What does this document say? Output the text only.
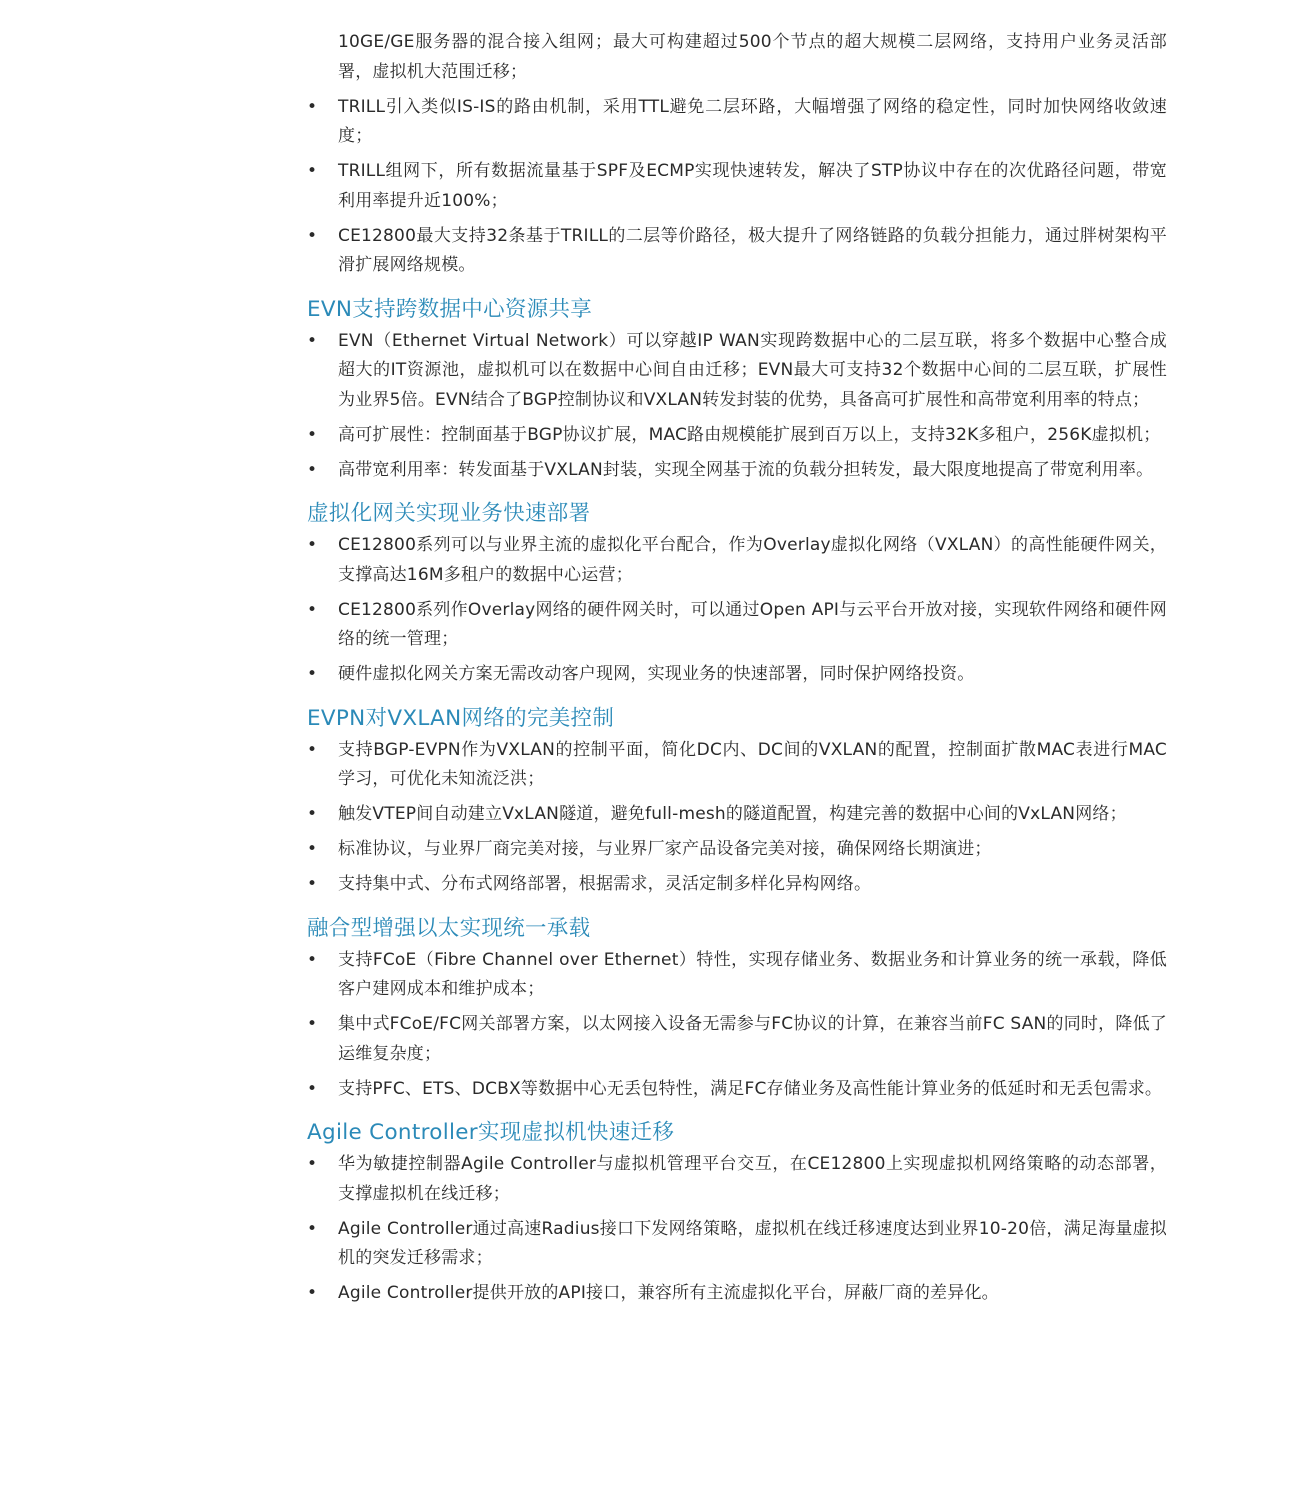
10GE/GE服务器的混合接入组网；最大可构建超过500个节点的超大规模二层网络，支持用户业务灵活部署，虚拟机大范围迁移；
• TRILL引入类似IS-IS的路由机制，采用TTL避免二层环路，大幅增强了网络的稳定性，同时加快网络收敛速度；
• TRILL组网下，所有数据流量基于SPF及ECMP实现快速转发，解决了STP协议中存在的次优路径问题，带宽利用率提升近100%；
• CE12800最大支持32条基于TRILL的二层等价路径，极大提升了网络链路的负载分担能力，通过胖树架构平滑扩展网络规模。
EVN支持跨数据中心资源共享
• EVN（Ethernet Virtual Network）可以穿越IP WAN实现跨数据中心的二层互联，将多个数据中心整合成超大的IT资源池，虚拟机可以在数据中心间自由迁移；EVN最大可支持32个数据中心间的二层互联，扩展性为业界5倍。EVN结合了BGP控制协议和VXLAN转发封装的优势，具备高可扩展性和高带宽利用率的特点；
• 高可扩展性：控制面基于BGP协议扩展，MAC路由规模能扩展到百万以上，支持32K多租户，256K虚拟机；
• 高带宽利用率：转发面基于VXLAN封装，实现全网基于流的负载分担转发，最大限度地提高了带宽利用率。
虚拟化网关实现业务快速部署
• CE12800系列可以与业界主流的虚拟化平台配合，作为Overlay虚拟化网络（VXLAN）的高性能硬件网关，支撑高达16M多租户的数据中心运营；
• CE12800系列作Overlay网络的硬件网关时，可以通过Open API与云平台开放对接，实现软件网络和硬件网络的统一管理；
• 硬件虚拟化网关方案无需改动客户现网，实现业务的快速部署，同时保护网络投资。
EVPN对VXLAN网络的完美控制
• 支持BGP-EVPN作为VXLAN的控制平面，简化DC内、DC间的VXLAN的配置，控制面扩散MAC表进行MAC学习，可优化未知流泛洪；
• 触发VTEP间自动建立VxLAN隧道，避免full-mesh的隧道配置，构建完善的数据中心间的VxLAN网络；
• 标准协议，与业界厂商完美对接，与业界厂家产品设备完美对接，确保网络长期演进；
• 支持集中式、分布式网络部署，根据需求，灵活定制多样化异构网络。
融合型增强以太实现统一承载
• 支持FCoE（Fibre Channel over Ethernet）特性，实现存储业务、数据业务和计算业务的统一承载，降低客户建网成本和维护成本；
• 集中式FCoE/FC网关部署方案，以太网接入设备无需参与FC协议的计算，在兼容当前FC SAN的同时，降低了运维复杂度；
• 支持PFC、ETS、DCBX等数据中心无丢包特性，满足FC存储业务及高性能计算业务的低延时和无丢包需求。
Agile Controller实现虚拟机快速迁移
• 华为敏捷控制器Agile Controller与虚拟机管理平台交互，在CE12800上实现虚拟机网络策略的动态部署，支撑虚拟机在线迁移；
• Agile Controller通过高速Radius接口下发网络策略，虚拟机在线迁移速度达到业界10-20倍，满足海量虚拟机的突发迁移需求；
• Agile Controller提供开放的API接口，兼容所有主流虚拟化平台，屏蔽厂商的差异化。
